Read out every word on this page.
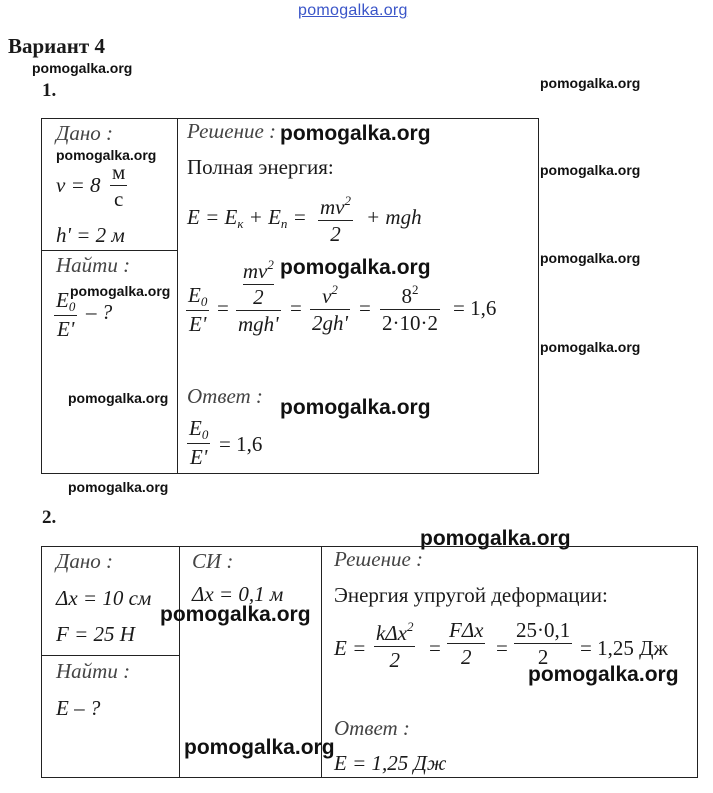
pomogalka.org
Вариант 4
pomogalka.org
1.	pomogalka.org
Дано :
pomogalka.org
v = 8
м
с
h' = 2 м
Найти :
pomogalka.org
$E_0$
E'
– ?
pomogalka.org
Решение : pomogalka.org
Полная энергия:
$E = E_к + E_п = mv^2$
2
+ mgh
pomogalka.org
pomogalka.org	pomogalka.org
$E_0$
E'
=
$mv^2$
2
mgh'
= $v^2$
2gh'
= $8^2$
2·10·2
= 1,6
pomogalka.org
Ответ : pomogalka.org
$E_0$
E'
= 1,6
pomogalka.org
2.
pomogalka.org
Дано :
Δx = 10 см
F = 25 Н
Найти :
E – ?
СИ :
Δx = 0,1 м
pomogalka.org
Решение :
Энергия упругой деформации:
E =
kΔx$^2$
2 =
FΔx
2 =
25·0,1
2 = 1,25 Дж
pomogalka.org
Ответ :
pomogalka.org
E = 1,25 Дж
